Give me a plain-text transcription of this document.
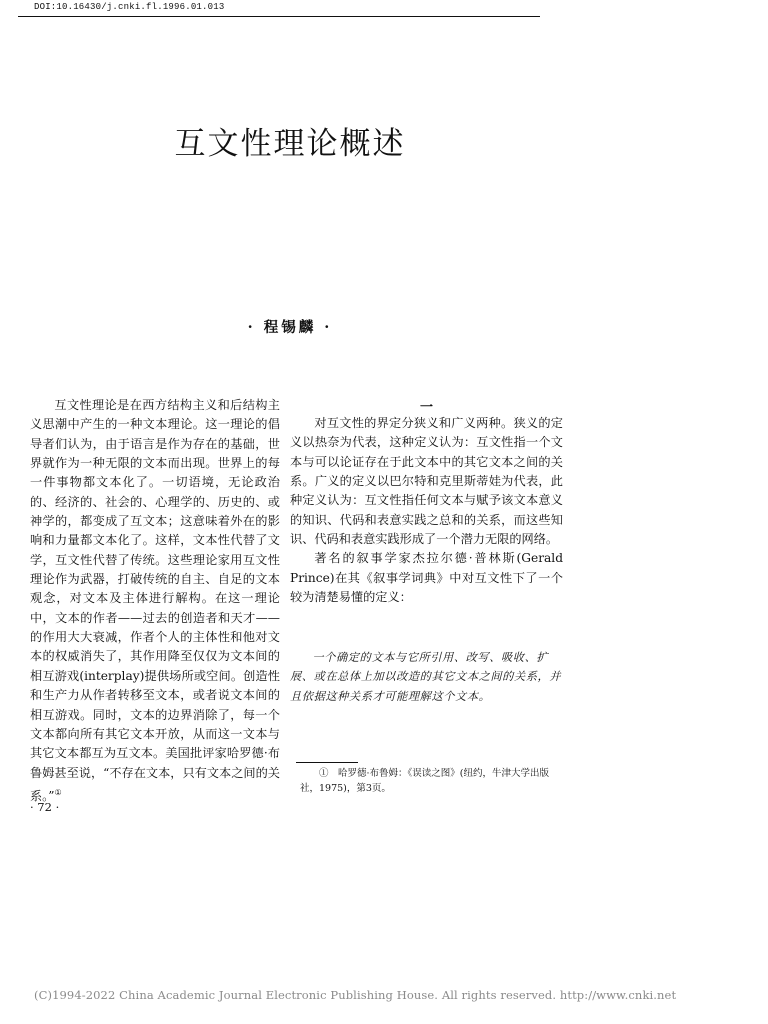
DOI:10.16430/j.cnki.fl.1996.01.013
互文性理论概述
· 程锡麟 ·

互文性理论是在西方结构主义和后结构主义思潮中产生的一种文本理论。这一理论的倡导者们认为，由于语言是作为存在的基础，世界就作为一种无限的文本而出现。世界上的每一件事物都文本化了。一切语境，无论政治的、经济的、社会的、心理学的、历史的、或神学的，都变成了互文本；这意味着外在的影响和力量都文本化了。这样，文本性代替了文学，互文性代替了传统。这些理论家用互文性理论作为武器，打破传统的自主、自足的文本观念，对文本及主体进行解构。在这一理论中，文本的作者——过去的创造者和天才——的作用大大衰减，作者个人的主体性和他对文本的权威消失了，其作用降至仅仅为文本间的相互游戏(interplay)提供场所或空间。创造性和生产力从作者转移至文本，或者说文本间的相互游戏。同时，文本的边界消除了，每一个文本都向所有其它文本开放，从而这一文本与其它文本都互为互文本。美国批评家哈罗德·布鲁姆甚至说，“不存在文本，只有文本之间的关系。”①

一

对互文性的界定分狭义和广义两种。狭义的定义以热奈为代表，这种定义认为：互文性指一个文本与可以论证存在于此文本中的其它文本之间的关系。广义的定义以巴尔特和克里斯蒂娃为代表，此种定义认为：互文性指任何文本与赋予该文本意义的知识、代码和表意实践之总和的关系，而这些知识、代码和表意实践形成了一个潜力无限的网络。

著名的叙事学家杰拉尔德·普林斯(Gerald Prince)在其《叙事学词典》中对互文性下了一个较为清楚易懂的定义：

一个确定的文本与它所引用、改写、吸收、扩展、或在总体上加以改造的其它文本之间的关系，并且依据这种关系才可能理解这个文本。

①　哈罗德·布鲁姆：《误读之图》(纽约，牛津大学出版社，1975)，第3页。

· 72 ·
(C)1994-2022 China Academic Journal Electronic Publishing House. All rights reserved. http://www.cnki.net
